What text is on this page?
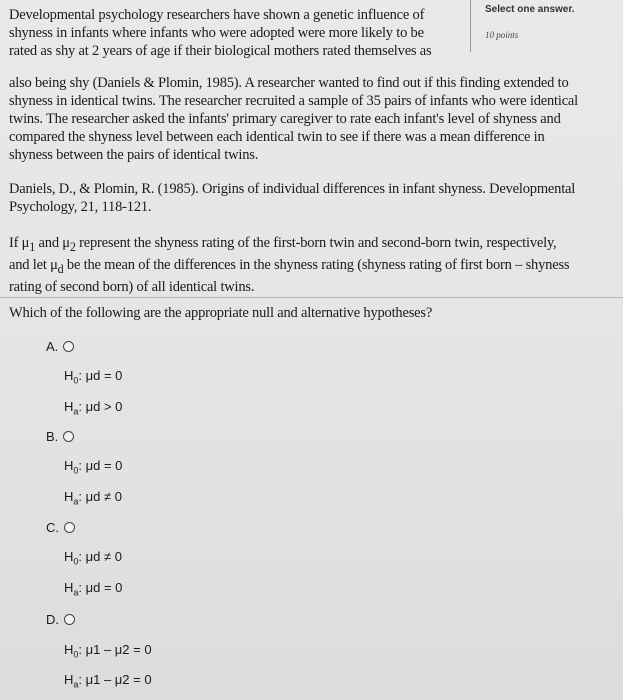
Developmental psychology researchers have shown a genetic influence of
shyness in infants where infants who were adopted were more likely to be
rated as shy at 2 years of age if their biological mothers rated themselves as
Select one answer.
10 points
also being shy (Daniels & Plomin, 1985). A researcher wanted to find out if this finding extended to
shyness in identical twins. The researcher recruited a sample of 35 pairs of infants who were identical
twins. The researcher asked the infants' primary caregiver to rate each infant's level of shyness and
compared the shyness level between each identical twin to see if there was a mean difference in
shyness between the pairs of identical twins.
Daniels, D., & Plomin, R. (1985). Origins of individual differences in infant shyness. Developmental
Psychology, 21, 118-121.
If $\mu_1$ and $\mu_2$ represent the shyness rating of the first-born twin and second-born twin, respectively,
and let $\mu_d$ be the mean of the differences in the shyness rating (shyness rating of first born – shyness
rating of second born) of all identical twins.
Which of the following are the appropriate null and alternative hypotheses?
A.
$H_0$: μd = 0
$H_a$: μd > 0
B.
$H_0$: μd = 0
$H_a$: μd ≠ 0
C.
$H_0$: μd ≠ 0
$H_a$: μd = 0
D.
$H_0$: μ1 – μ2 = 0
$H_a$: μ1 – μ2 = 0
